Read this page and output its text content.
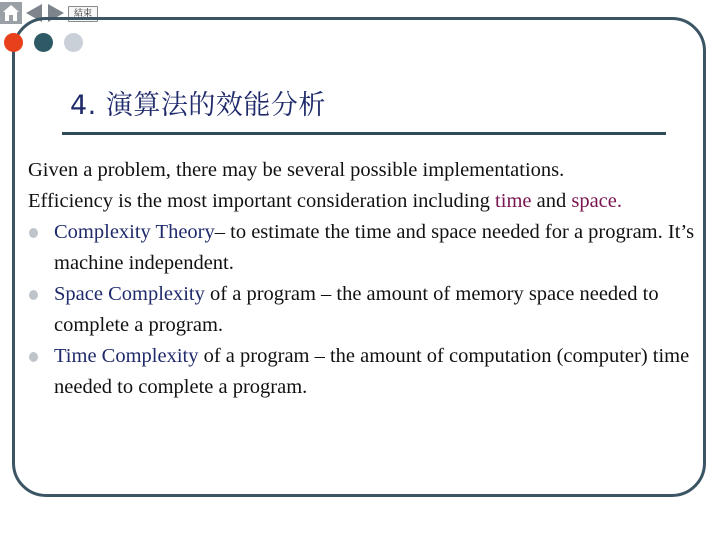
結束
4. 演算法的效能分析

Given a problem, there may be several possible implementations.

Efficiency is the most important consideration including time and space.

Complexity Theory– to estimate the time and space needed for a program. It’s machine independent.
Space Complexity of a program – the amount of memory space needed to complete a program.
Time Complexity of a program – the amount of computation (computer) time needed to complete a program.
